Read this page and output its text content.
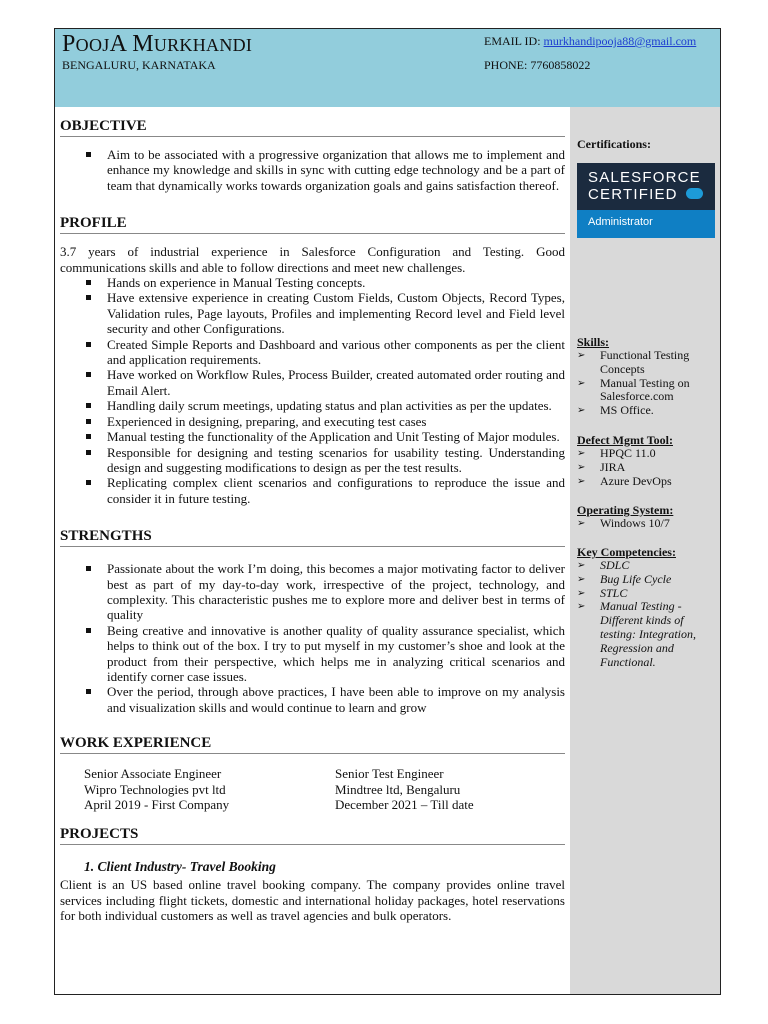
POOJA MURKHANDI
BENGALURU, KARNATAKA
EMAIL ID: murkhandipooja88@gmail.com
PHONE: 7760858022
OBJECTIVE
Aim to be associated with a progressive organization that allows me to implement and enhance my knowledge and skills in sync with cutting edge technology and be a part of team that dynamically works towards organization goals and gains satisfaction thereof.
PROFILE

3.7 years of industrial experience in Salesforce Configuration and Testing. Good communications skills and able to follow directions and meet new challenges.

Hands on experience in Manual Testing concepts.
Have extensive experience in creating Custom Fields, Custom Objects, Record Types, Validation rules, Page layouts, Profiles and implementing Record level and Field level security and other Configurations.
Created Simple Reports and Dashboard and various other components as per the client and application requirements.
Have worked on Workflow Rules, Process Builder, created automated order routing and Email Alert.
Handling daily scrum meetings, updating status and plan activities as per the updates.
Experienced in designing, preparing, and executing test cases
Manual testing the functionality of the Application and Unit Testing of Major modules.
Responsible for designing and testing scenarios for usability testing. Understanding design and suggesting modifications to design as per the test results.
Replicating complex client scenarios and configurations to reproduce the issue and consider it in future testing.
STRENGTHS
Passionate about the work I’m doing, this becomes a major motivating factor to deliver best as part of my day-to-day work, irrespective of the project, technology, and complexity. This characteristic pushes me to explore more and deliver best in terms of quality
Being creative and innovative is another quality of quality assurance specialist, which helps to think out of the box. I try to put myself in my customer’s shoe and look at the product from their perspective, which helps me in analyzing critical scenarios and identify corner case issues.
Over the period, through above practices, I have been able to improve on my analysis and visualization skills and would continue to learn and grow
WORK EXPERIENCE
Senior Associate Engineer
Wipro Technologies pvt ltd
April 2019 - First Company
Senior Test Engineer
Mindtree ltd, Bengaluru
December 2021 – Till date
PROJECTS
1. Client Industry- Travel Booking

Client is an US based online travel booking company. The company provides online travel services including flight tickets, domestic and international holiday packages, hotel reservations for both individual customers as well as travel agencies and bulk operators.

Certifications:
SALESFORCE
CERTIFIED
Administrator
Skills:
➢ Functional Testing Concepts
➢ Manual Testing on Salesforce.com
➢ MS Office.
Defect Mgmt Tool:
➢ HPQC 11.0
➢ JIRA
➢ Azure DevOps
Operating System:
➢ Windows 10/7
Key Competencies:
➢ SDLC
➢ Bug Life Cycle
➢ STLC
➢ Manual Testing - Different kinds of testing: Integration, Regression and Functional.
